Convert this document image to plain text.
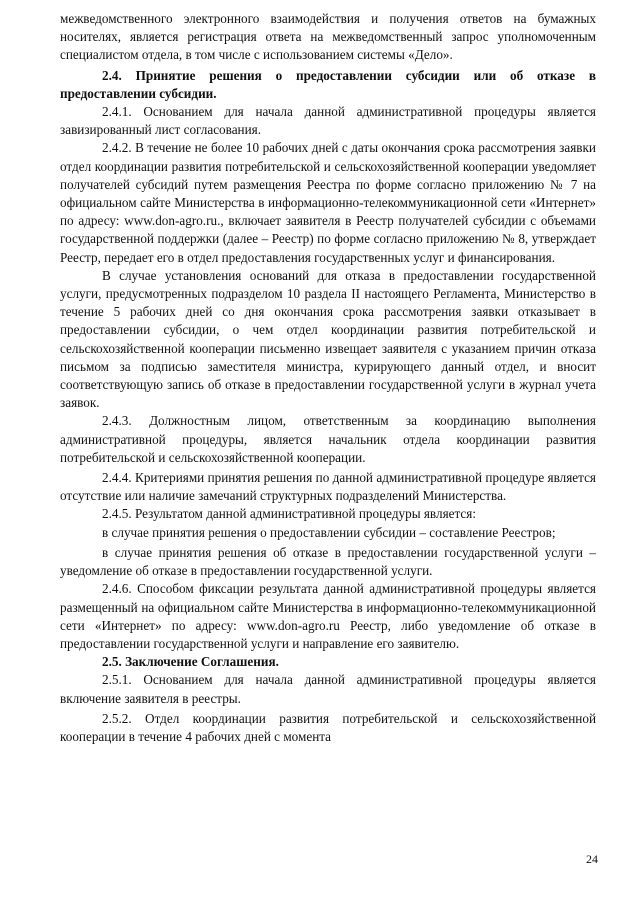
межведомственного электронного взаимодействия и получения ответов на бумажных носителях, является регистрация ответа на межведомственный запрос уполномоченным специалистом отдела, в том числе с использованием системы «Дело».

2.4. Принятие решения о предоставлении субсидии или об отказе в предоставлении субсидии.

2.4.1. Основанием для начала данной административной процедуры является завизированный лист согласования.

2.4.2. В течение не более 10 рабочих дней с даты окончания срока рассмотрения заявки отдел координации развития потребительской и сельскохозяйственной кооперации уведомляет получателей субсидий путем размещения Реестра по форме согласно приложению № 7 на официальном сайте Министерства в информационно-телекоммуникационной сети «Интернет» по адресу: www.don-agro.ru., включает заявителя в Реестр получателей субсидии с объемами государственной поддержки (далее – Реестр) по форме согласно приложению № 8, утверждает Реестр, передает его в отдел предоставления государственных услуг и финансирования.

В случае установления оснований для отказа в предоставлении государственной услуги, предусмотренных подразделом 10 раздела II настоящего Регламента, Министерство в течение 5 рабочих дней со дня окончания срока рассмотрения заявки отказывает в предоставлении субсидии, о чем отдел координации развития потребительской и сельскохозяйственной кооперации письменно извещает заявителя с указанием причин отказа письмом за подписью заместителя министра, курирующего данный отдел, и вносит соответствующую запись об отказе в предоставлении государственной услуги в журнал учета заявок.

2.4.3. Должностным лицом, ответственным за координацию выполнения административной процедуры, является начальник отдела координации развития потребительской и сельскохозяйственной кооперации.

2.4.4. Критериями принятия решения по данной административной процедуре является отсутствие или наличие замечаний структурных подразделений Министерства.

2.4.5. Результатом данной административной процедуры является:

в случае принятия решения о предоставлении субсидии – составление Реестров;

в случае принятия решения об отказе в предоставлении государственной услуги – уведомление об отказе в предоставлении государственной услуги.

2.4.6. Способом фиксации результата данной административной процедуры является размещенный на официальном сайте Министерства в информационно-телекоммуникационной сети «Интернет» по адресу: www.don-agro.ru Реестр, либо уведомление об отказе в предоставлении государственной услуги и направление его заявителю.

2.5. Заключение Соглашения.

2.5.1. Основанием для начала данной административной процедуры является включение заявителя в реестры.

2.5.2. Отдел координации развития потребительской и сельскохозяйственной кооперации в течение 4 рабочих дней с момента

24
